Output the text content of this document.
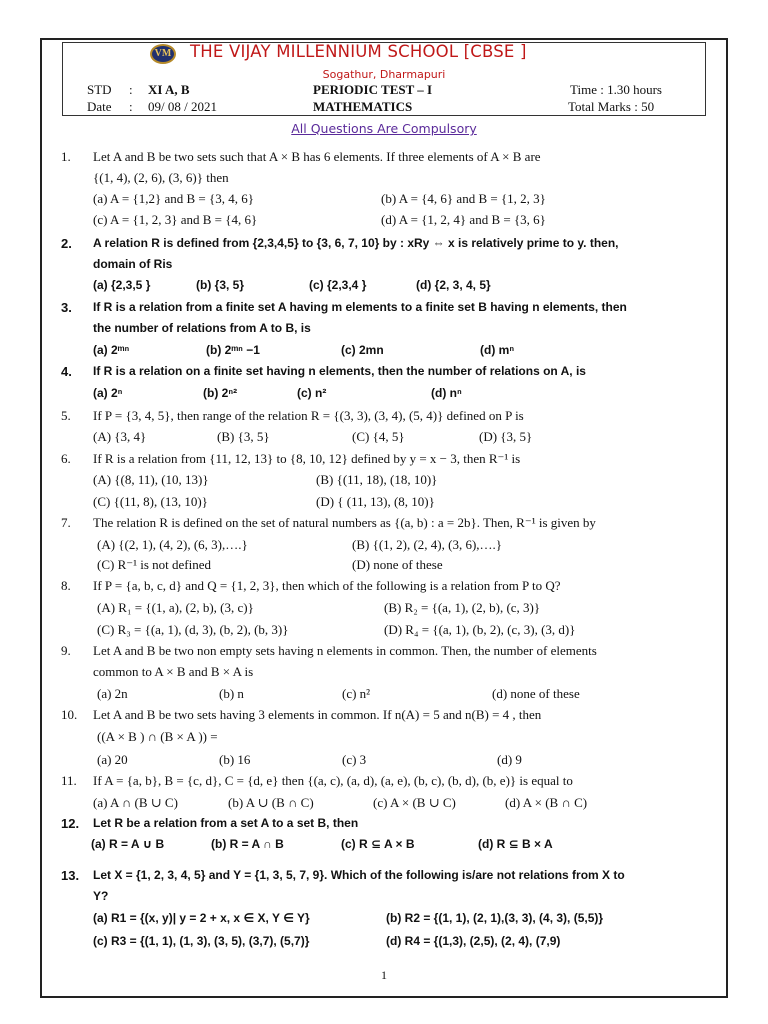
VM THE VIJAY MILLENNIUM SCHOOL [CBSE ]
Sogathur, Dharmapuri
STD : XI A, B
Date : 09/ 08 / 2021
PERIODIC TEST – I
MATHEMATICS
Time : 1.30 hours
Total Marks : 50
All Questions Are Compulsory
1. Let A and B be two sets such that A × B has 6 elements. If three elements of A × B are
{(1, 4), (2, 6), (3, 6)} then
(a) A = {1,2} and B = {3, 4, 6}	(b) A = {4, 6} and B = {1, 2, 3}
(c) A = {1, 2, 3} and B = {4, 6}	(d) A = {1, 2, 4} and B = {3, 6}
2. A relation R is defined from {2,3,4,5} to {3, 6, 7, 10} by : xRy ⇔ x is relatively prime to y. then,
domain of Ris
(a) {2,3,5 }	(b) {3, 5}	(c) {2,3,4 }	(d) {2, 3, 4, 5}
3. If R is a relation from a finite set A having m elements to a finite set B having n elements, then
the number of relations from A to B, is
(a) 2ᵐⁿ	(b) 2ᵐⁿ −1	(c) 2mn	(d) mⁿ
4. If R is a relation on a finite set having n elements, then the number of relations on A, is
(a) 2ⁿ	(b) 2ⁿ²	(c) n²	(d) nⁿ
5. If P = {3, 4, 5}, then range of the relation R = {(3, 3), (3, 4), (5, 4)} defined on P is
(A) {3, 4}	(B) {3, 5}	(C) {4, 5}	(D) {3, 5}
6. If R is a relation from {11, 12, 13} to {8, 10, 12} defined by y = x − 3, then R⁻¹ is
(A) {(8, 11), (10, 13)}	(B) {(11, 18), (18, 10)}
(C) {(11, 8), (13, 10)}	(D) { (11, 13), (8, 10)}
7. The relation R is defined on the set of natural numbers as {(a, b) : a = 2b}. Then, R⁻¹ is given by
(A) {(2, 1), (4, 2), (6, 3),….}	(B) {(1, 2), (2, 4), (3, 6),….}
(C) R⁻¹ is not defined	(D) none of these
8. If P = {a, b, c, d} and Q = {1, 2, 3}, then which of the following is a relation from P to Q?
(A) R₁ = {(1, a), (2, b), (3, c)}	(B) R₂ = {(a, 1), (2, b), (c, 3)}
(C) R₃ = {(a, 1), (d, 3), (b, 2), (b, 3)}	(D) R₄ = {(a, 1), (b, 2), (c, 3), (3, d)}
9. Let A and B be two non empty sets having n elements in common. Then, the number of elements
common to A × B and B × A is
(a) 2n	(b) n	(c) n²	(d) none of these
10. Let A and B be two sets having 3 elements in common. If n(A) = 5 and n(B) = 4 , then
((A × B ) ∩ (B × A )) =
(a) 20	(b) 16	(c) 3	(d) 9
11. If A = {a, b}, B = {c, d}, C = {d, e} then {(a, c), (a, d), (a, e), (b, c), (b, d), (b, e)} is equal to
(a) A ∩ (B ∪ C)	(b) A ∪ (B ∩ C)	(c) A × (B ∪ C)	(d) A × (B ∩ C)
12. Let R be a relation from a set A to a set B, then
(a) R = A ∪ B	(b) R = A ∩ B	(c) R ⊆ A × B	(d) R ⊆ B × A
13. Let X = {1, 2, 3, 4, 5} and Y = {1, 3, 5, 7, 9}. Which of the following is/are not relations from X to
Y?
(a) R1 = {(x, y)| y = 2 + x, x ∈ X, Y ∈ Y}	(b) R2 = {(1, 1), (2, 1),(3, 3), (4, 3), (5,5)}
(c) R3 = {(1, 1), (1, 3), (3, 5), (3,7), (5,7)}	(d) R4 = {(1,3), (2,5), (2, 4), (7,9)
1
